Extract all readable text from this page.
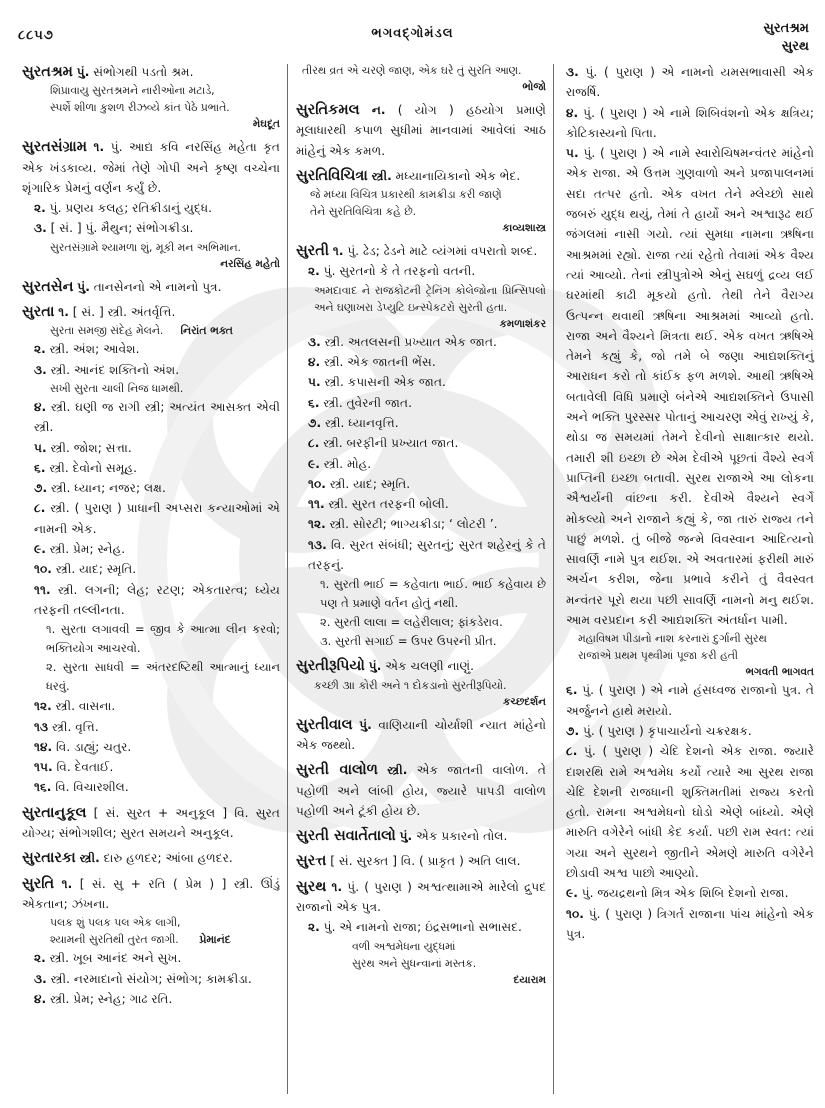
૮૮૫૭	ભગવદ્ગોમંડલ	સુરતશ્રમ
સુરથ
સુરતશ્રમ પું. સંભોગથી પડતો શ્રમ.
શિપ્રાવાયુ સુરતશ્રમને નારીઓના મટાડે,
સ્પર્શે શીળા કુશળ રીઝવ્યે કાંત પેઠે પ્રભાતે.
મેઘદૂત
સુરતસંગ્રામ ૧. પું. આદ્ય કવિ નરસિંહ મહેતા કૃત એક ખંડકાવ્ય. જેમાં તેણે ગોપી અને કૃષ્ણ વચ્ચેના શૃંગારિક પ્રેમનું વર્ણન કર્યું છે.
૨. પું. પ્રણય કલહ; રતિક્રીડાનું યુદ્ધ.
૩. [ સં. ] પું. મૈથુન; સંભોગક્રીડા.
સુરતસંગ્રામે શ્યામળા શું, મૂકી મન અભિમાન.
નરસિંહ મહેતો
સુરતસેન પું. તાનસેનનો એ નામનો પુત્ર.
સુરતા ૧. [ સં. ] સ્ત્રી. અંતર્વૃત્તિ.
સુરતા સમજી સંદેહ મેલને. નિરાંત ભક્ત
૨. સ્ત્રી. અંશ; આવેશ.
૩. સ્ત્રી. આનંદ શક્તિનો અંશ.
સખી સુરતા ચાલી નિજ ધામથી.
૪. સ્ત્રી. ઘણી જ રાગી સ્ત્રી; અત્યંત આસક્ત એવી સ્ત્રી.
૫. સ્ત્રી. જોશ; સત્તા.
૬. સ્ત્રી. દેવોનો સમૂહ.
૭. સ્ત્રી. ધ્યાન; નજર; લક્ષ.
૮. સ્ત્રી. ( પુરાણ ) પ્રાધાની અપ્સરા કન્યાઓમાં એ નામની એક.
૯. સ્ત્રી. પ્રેમ; સ્નેહ.
૧૦. સ્ત્રી. યાદ; સ્મૃતિ.
૧૧. સ્ત્રી. લગની; લેહ; રટણ; એકતારત્વ; ધ્યેય તરફની તલ્લીનતા.
૧. સુરતા લગાવવી = જીવ કે આત્મા લીન કરવો; ભક્તિયોગ આચરવો.
૨. સુરતા સાધવી = અંતરદષ્ટિથી આત્માનું ધ્યાન ધરવું.
૧૨. સ્ત્રી. વાસના.
૧૩ સ્ત્રી. વૃત્તિ.
૧૪. વિ. ડાહ્યું; ચતુર.
૧૫. વિ. દેવતાઈ.
૧૬. વિ. વિચારશીલ.
સુરતાનુકૂલ [ સં. સુરત + અનુકૂલ ] વિ. સુરત યોગ્ય; સંભોગશીલ; સુરત સમયને અનુકૂલ.
સુરતારકા સ્ત્રી. દારુ હળદર; આંબા હળદર.
સુરતિ ૧. [ સં. સુ + રતિ ( પ્રેમ ) ] સ્ત્રી. ઊંડું એકતાન; ઝંખના.
પલક શું પલક પલ એક લાગી,
શ્યામની સુરતિથી તુરત જાગી. પ્રેમાનંદ
૨. સ્ત્રી. ખૂબ આનંદ અને સુખ.
૩. સ્ત્રી. નરમાદાનો સંયોગ; સંભોગ; કામક્રીડા.
૪. સ્ત્રી. પ્રેમ; સ્નેહ; ગાઢ રતિ.
તીરથ વ્રત એ ચરણે જાણ, એક ઘરે તું સુરતિ આણ.
ભોજો
સુરતિકમલ ન. ( યોગ ) હઠયોગ પ્રમાણે મૂલાધારથી કપાળ સુધીમાં માનવામાં આવેલાં આઠ માંહેનું એક કમળ.
સુરતિવિચિત્રા સ્ત્રી. મધ્યાનાયિકાનો એક ભેદ.
જે મધ્યા વિચિત્ર પ્રકારથી કામક્રીડા કરી જાણે
તેને સુરતિવિચિત્રા કહે છે.
કાવ્યશાસ્ત્ર
સુરતી ૧. પું. ઢેડ; ઢેડને માટે વ્યંગમાં વપરાતો શબ્દ.
૨. પું. સુરતનો કે તે તરફનો વતની.
અમદાવાદ ને રાજકોટની ટ્રેનિંગ કોલેજોના પ્રિન્સિપલો અને ઘણાખરા ડેપ્યુટિ ઇન્સ્પેકટરો સુરતી હતા.
કમળાશંકર
૩. સ્ત્રી. અતલસની પ્રખ્યાત એક જાત.
૪. સ્ત્રી. એક જાતની ભેંસ.
૫. સ્ત્રી. કપાસની એક જાત.
૬. સ્ત્રી. તુવેરની જાત.
૭. સ્ત્રી. ધ્યાનવૃત્તિ.
૮. સ્ત્રી. બરફીની પ્રખ્યાત જાત.
૯. સ્ત્રી. મોહ.
૧૦. સ્ત્રી. યાદ; સ્મૃતિ.
૧૧. સ્ત્રી. સુરત તરફની બોલી.
૧૨. સ્ત્રી. સોરટી; ભાગ્યક્રીડા; ‘ લોટરી ’.
૧૩. વિ. સુરત સંબંધી; સુરતનું; સુરત શહેરનું કે તે તરફનું.
૧. સુરતી ભાઈ = કહેવાતા ભાઈ. ભાઈ કહેવાય છે પણ તે પ્રમાણે વર્તન હોતું નથી.
૨. સુરતી લાલા = લહેરીલાલ; ફાંકડેરાવ.
૩. સુરતી સગાઈ = ઉપર ઉપરની પ્રીત.
સુરતીરૂપિયો પું. એક ચલણી નાણું.
કચ્છી ૩॥ કોરી અને ૧ દોકડાનો સુરતીરૂપિયો.
કચ્છદર્શન
સુરતીવાલ પું. વાણિયાની ચોર્યાશી ન્યાત માંહેનો એક જથ્થો.
સુરતી વાલોળ સ્ત્રી. એક જાતની વાલોળ. તે પહોળી અને લાંબી હોય, જ્યારે પાપડી વાલોળ પહોળી અને ટૂંકી હોય છે.
સુરતી સવાર્તેતાલો પું. એક પ્રકારનો તોલ.
સુરત્ત [ સં. સુરક્ત ] વિ. ( પ્રાકૃત ) અતિ લાલ.
સુરથ ૧. પું. ( પુરાણ ) અશ્વત્થામાએ મારેલો દ્રુપદ રાજાનો એક પુત્ર.
૨. પું. એ નામનો રાજા; ઇંદ્રસભાનો સભાસદ.
વળી અશ્વમેધના યુદ્ધમાં
સુરથ અને સુધન્વાનાં મસ્તક.
દયારામ
૩. પું. ( પુરાણ ) એ નામનો યમસભાવાસી એક રાજર્ષિ.
૪. પું. ( પુરાણ ) એ નામે શિબિવંશનો એક ક્ષત્રિય; કોટિકાસ્યનો પિતા.
૫. પું. ( પુરાણ ) એ નામે સ્વારોચિષમન્વંતર માંહેનો એક રાજા. એ ઉત્તમ ગુણવાળો અને પ્રજાપાલનમાં સદા તત્પર હતો. એક વખત તેને મ્લેચ્છો સાથે જબરું યુદ્ધ થયું, તેમાં તે હાર્યો અને અશ્વારૂઢ થઈ જંગલમાં નાસી ગયો. ત્યાં સુમધા નામના ઋષિના આશ્રમમાં રહ્યો. રાજા ત્યાં રહેતો તેવામાં એક વૈશ્ય ત્યાં આવ્યો. તેનાં સ્ત્રીપુત્રોએ એનું સઘળું દ્રવ્ય લઈ ઘરમાંથી કાઢી મૂકયો હતો. તેથી તેને વૈરાગ્ય ઉત્પન્ન થવાથી ઋષિના આશ્રમમાં આવ્યો હતો. રાજા અને વૈશ્યને મિત્રતા થઈ. એક વખત ઋષિએ તેમને કહ્યું કે, જો તમે બે જણા આદ્યશક્તિનું આરાધન કરો તો કાંઈક ફળ મળશે. આથી ઋષિએ બતાવેલી વિધિ પ્રમાણે બંનેએ આદ્યશક્તિને ઉપાસી અને ભક્તિ પુરસ્સર પોતાનું આચરણ એવું રાખ્યું કે, થોડા જ સમયમાં તેમને દેવીનો સાક્ષાત્કાર થયો. તમારી શી ઇચ્છા છે એમ દેવીએ પૂછતાં વૈશ્યે સ્વર્ગ પ્રાપ્તિની ઇચ્છા બતાવી. સુરથ રાજાએ આ લોકના ઐશ્વર્યની વાંછના કરી. દેવીએ વૈશ્યને સ્વર્ગે મોકલ્યો અને રાજાને કહ્યું કે, જા તારું રાજ્ય તને પાછું મળશે. તું બીજે જન્મે વિવસ્વાન આદિત્યનો સાવર્ણિ નામે પુત્ર થઈશ. એ અવતારમાં ફરીથી મારું અર્ચન કરીશ, જેના પ્રભાવે કરીને તું વૈવસ્વત મન્વંતર પૂરો થયા પછી સાવર્ણિ નામનો મનુ થઈશ. આમ વરપ્રદાન કરી આદ્યશક્તિ અંતર્ધાન પામી.
મહાવિષમ પીડાનો નાશ કરનારાં દુર્ગાની સુરથ
રાજાએ પ્રથમ પૃથ્વીમાં પૂજા કરી હતી
ભગવતી ભાગવત
૬. પું. ( પુરાણ ) એ નામે હંસધ્વજ રાજાનો પુત્ર. તે અર્જુનને હાથે મરાયો.
૭. પું. ( પુરાણ ) કૃપાચાર્યનો ચક્રરક્ષક.
૮. પું. ( પુરાણ ) ચેદિ દેશનો એક રાજા. જ્યારે દાશરથિ રામે અશ્વમેધ કર્યો ત્યારે આ સુરથ રાજા ચેદિ દેશની રાજધાની શુક્તિમતીમાં રાજ્ય કરતો હતો. રામના અશ્વમેધનો ઘોડો એણે બાંધ્યો. એણે મારુતિ વગેરેને બાંધી કેદ કર્યા. પછી રામ સ્વત: ત્યાં ગયા અને સુરથને જીતીને એમણે મારુતિ વગેરેને છોડાવી અશ્વ પાછો આણ્યો.
૯. પું. જયદ્રથનો મિત્ર એક શિબિ દેશનો રાજા.
૧૦. પું. ( પુરાણ ) ત્રિગર્ત રાજાના પાંચ માંહેનો એક પુત્ર.
